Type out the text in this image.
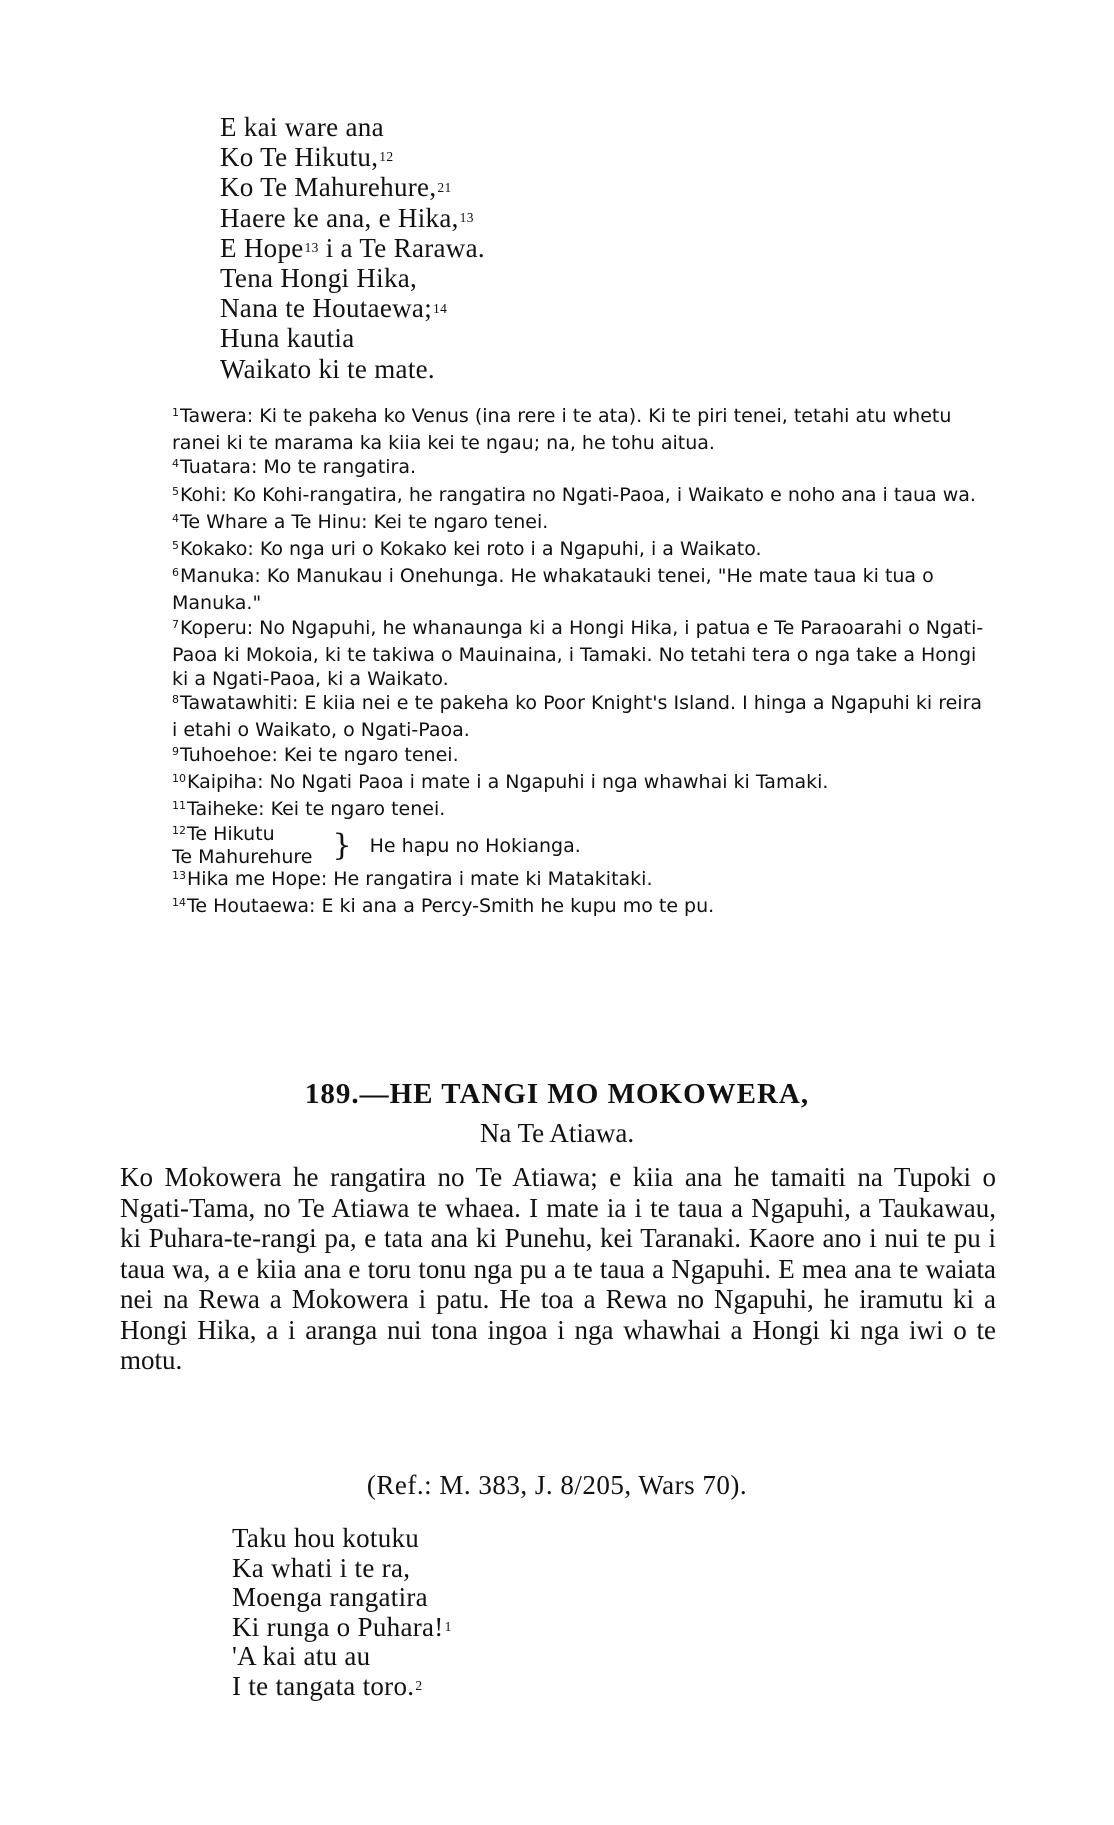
E kai ware ana
Ko Te Hikutu,$^{12}$
Ko Te Mahurehure,$^{21}$
Haere ke ana, e Hika,$^{13}$
E Hope$^{13}$ i a Te Rarawa.
Tena Hongi Hika,
Nana te Houtaewa;$^{14}$
Huna kautia
Waikato ki te mate.
$^1$Tawera: Ki te pakeha ko Venus (ina rere i te ata). Ki te piri tenei, tetahi atu whetu ranei ki te marama ka kiia kei te ngau; na, he tohu aitua.
$^4$Tuatara: Mo te rangatira.
$^5$Kohi: Ko Kohi-rangatira, he rangatira no Ngati-Paoa, i Waikato e noho ana i taua wa.
$^4$Te Whare a Te Hinu: Kei te ngaro tenei.
$^5$Kokako: Ko nga uri o Kokako kei roto i a Ngapuhi, i a Waikato.
$^6$Manuka: Ko Manukau i Onehunga. He whakatauki tenei, "He mate taua ki tua o Manuka."
$^7$Koperu: No Ngapuhi, he whanaunga ki a Hongi Hika, i patua e Te Paraoarahi o Ngati-Paoa ki Mokoia, ki te takiwa o Mauinaina, i Tamaki. No tetahi tera o nga take a Hongi ki a Ngati-Paoa, ki a Waikato.
$^8$Tawatawhiti: E kiia nei e te pakeha ko Poor Knight's Island. I hinga a Ngapuhi ki reira i etahi o Waikato, o Ngati-Paoa.
$^9$Tuhoehoe: Kei te ngaro tenei.
$^{10}$Kaipiha: No Ngati Paoa i mate i a Ngapuhi i nga whawhai ki Tamaki.
$^{11}$Taiheke: Kei te ngaro tenei.
$^{12}$Te Hikutu
Te Mahurehure } He hapu no Hokianga.
$^{13}$Hika me Hope: He rangatira i mate ki Matakitaki.
$^{14}$Te Houtaewa: E ki ana a Percy-Smith he kupu mo te pu.
189.—HE TANGI MO MOKOWERA,

Na Te Atiawa.

Ko Mokowera he rangatira no Te Atiawa; e kiia ana he tamaiti na Tupoki o Ngati-Tama, no Te Atiawa te whaea. I mate ia i te taua a Ngapuhi, a Taukawau, ki Puhara-te-rangi pa, e tata ana ki Punehu, kei Taranaki. Kaore ano i nui te pu i taua wa, a e kiia ana e toru tonu nga pu a te taua a Ngapuhi. E mea ana te waiata nei na Rewa a Mokowera i patu. He toa a Rewa no Ngapuhi, he iramutu ki a Hongi Hika, a i aranga nui tona ingoa i nga whawhai a Hongi ki nga iwi o te motu.

(Ref.: M. 383, J. 8/205, Wars 70).

Taku hou kotuku
Ka whati i te ra,
Moenga rangatira
Ki runga o Puhara!$^1$
'A kai atu au
I te tangata toro.$^2$
